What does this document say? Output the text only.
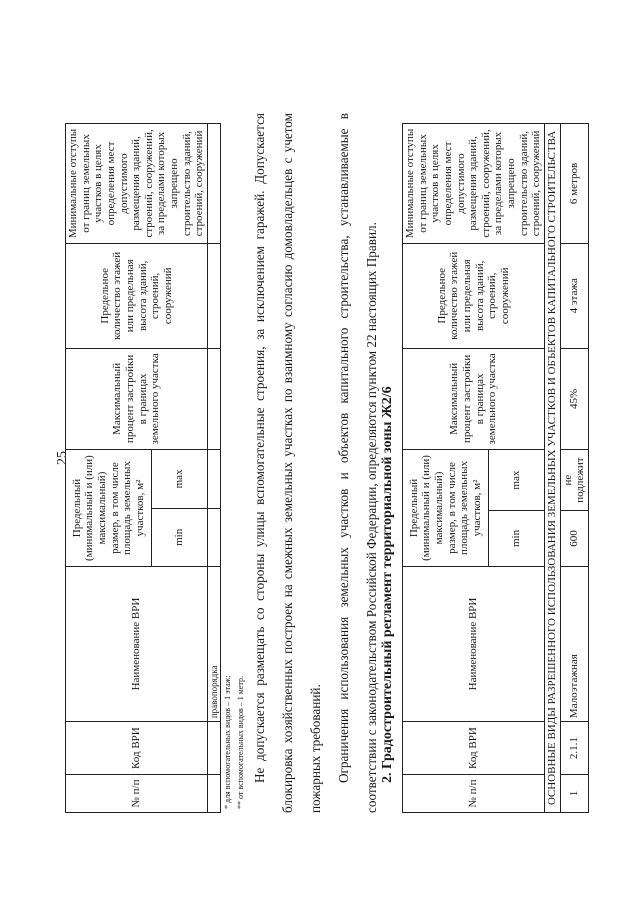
25
№ п/п	Код ВРИ	Наименование ВРИ	Предельный (минимальный и (или) максимальный) размер, в том числе площадь земельных участков, м²		Максимальный процент застройки в границах земельного участка	Предельное количество этажей или предельная высота зданий, строений, сооружений	Минимальные отступы от границ земельных участков в целях определения мест допустимого размещения зданий, строений, сооружений, за пределами которых запрещено строительство зданий, строений, сооружений
			min	max			
		правопорядка					* для вспомогательных видов – 1 этаж; ** от вспомогательных видов – 1 метр. Не допускается размещать со стороны улицы вспомогательные строения, за исключением гаражей. Допускается блокировка хозяйственных построек на смежных земельных участках по взаимному согласию домовладельцев с учетом пожарных требований. Ограничения использования земельных участков и объектов капитального строительства, устанавливаемые в соответствии с законодательством Российской Федерации, определяются пунктом 22 настоящих Правил. 2. Градостроительный регламент территориальной зоны Ж2/6
№ п/п	Код ВРИ	Наименование ВРИ	Предельный (минимальный и (или) максимальный) размер, в том числе площадь земельных участков, м²		Максимальный процент застройки в границах земельного участка	Предельное количество этажей или предельная высота зданий, строений, сооружений	Минимальные отступы от границ земельных участков в целях определения мест допустимого размещения зданий, строений, сооружений, за пределами которых запрещено строительство зданий, строений, сооружений
			min	max			
ОСНОВНЫЕ ВИДЫ РАЗРЕШЕННОГО ИСПОЛЬЗОВАНИЯ ЗЕМЕЛЬНЫХ УЧАСТКОВ И ОБЪЕКТОВ КАПИТАЛЬНОГО СТРОИТЕЛЬСТВА							
1	2.1.1	Малоэтажная	600	не подлежит	45%	4 этажа	6 метров
